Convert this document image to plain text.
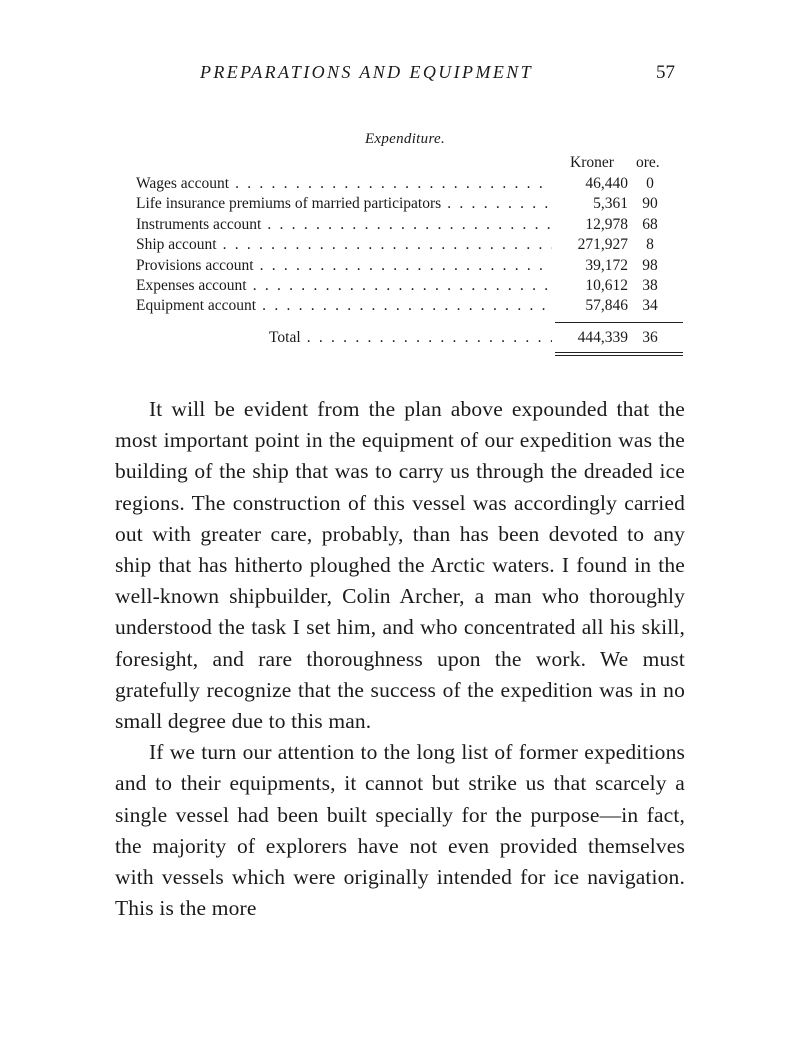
PREPARATIONS AND EQUIPMENT	57
Expenditure.
Kroner ore.
Wages account . . .	46,440	0
Life insurance premiums of married participators . . .	5,361 90
Instruments account . . .	12,978 68
Ship account . . .	271,927	8
Provisions account . . .	39,172 98
Expenses account . . .	10,612 38
Equipment account . . .	57,846 34
Total . . .	444,339 36

It will be evident from the plan above expounded that the most important point in the equipment of our expedition was the building of the ship that was to carry us through the dreaded ice regions. The construction of this vessel was accordingly carried out with greater care, probably, than has been devoted to any ship that has hitherto ploughed the Arctic waters. I found in the well-known shipbuilder, Colin Archer, a man who thoroughly understood the task I set him, and who concentrated all his skill, foresight, and rare thoroughness upon the work. We must gratefully recognize that the success of the expedition was in no small degree due to this man.

If we turn our attention to the long list of former expeditions and to their equipments, it cannot but strike us that scarcely a single vessel had been built specially for the purpose—in fact, the majority of explorers have not even provided themselves with vessels which were originally intended for ice navigation. This is the more
